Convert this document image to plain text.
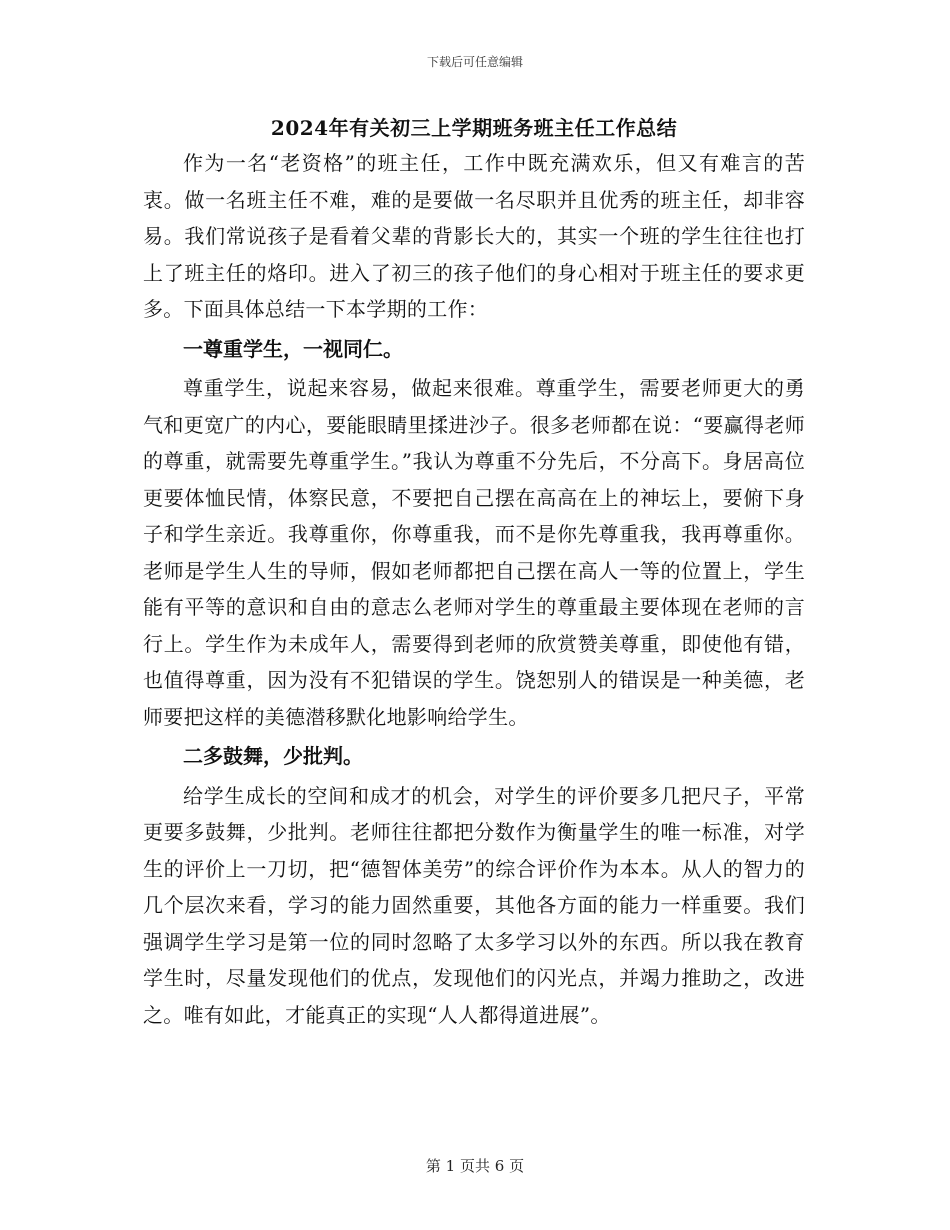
下载后可任意编辑
2024年有关初三上学期班务班主任工作总结

作为一名“老资格”的班主任，工作中既充满欢乐，但又有难言的苦衷。做一名班主任不难，难的是要做一名尽职并且优秀的班主任，却非容易。我们常说孩子是看着父辈的背影长大的，其实一个班的学生往往也打上了班主任的烙印。进入了初三的孩子他们的身心相对于班主任的要求更多。下面具体总结一下本学期的工作：

一尊重学生，一视同仁。

尊重学生，说起来容易，做起来很难。尊重学生，需要老师更大的勇气和更宽广的内心，要能眼睛里揉进沙子。很多老师都在说：“要赢得老师的尊重，就需要先尊重学生。”我认为尊重不分先后，不分高下。身居高位更要体恤民情，体察民意，不要把自己摆在高高在上的神坛上，要俯下身子和学生亲近。我尊重你，你尊重我，而不是你先尊重我，我再尊重你。老师是学生人生的导师，假如老师都把自己摆在高人一等的位置上，学生能有平等的意识和自由的意志么老师对学生的尊重最主要体现在老师的言行上。学生作为未成年人，需要得到老师的欣赏赞美尊重，即使他有错，也值得尊重，因为没有不犯错误的学生。饶恕别人的错误是一种美德，老师要把这样的美德潜移默化地影响给学生。

二多鼓舞，少批判。

给学生成长的空间和成才的机会，对学生的评价要多几把尺子，平常更要多鼓舞，少批判。老师往往都把分数作为衡量学生的唯一标准，对学生的评价上一刀切，把“德智体美劳”的综合评价作为本本。从人的智力的几个层次来看，学习的能力固然重要，其他各方面的能力一样重要。我们强调学生学习是第一位的同时忽略了太多学习以外的东西。所以我在教育学生时，尽量发现他们的优点，发现他们的闪光点，并竭力推助之，改进之。唯有如此，才能真正的实现“人人都得道进展”。

第 1 页共 6 页
